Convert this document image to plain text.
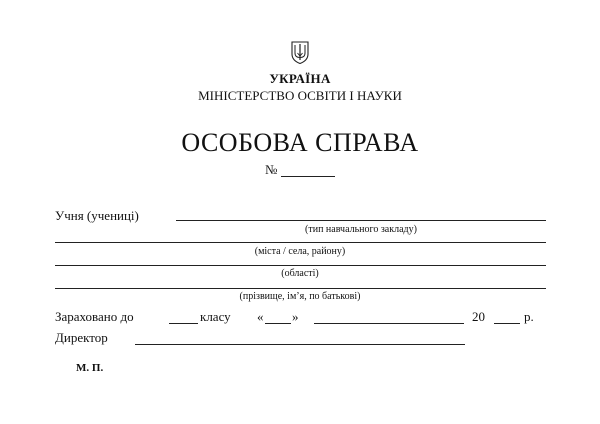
УКРАЇНА
МІНІСТЕРСТВО ОСВІТИ І НАУКИ
ОСОБОВА СПРАВА
№
Учня (учениці)
(тип навчального закладу)
(міста / села, району)
(області)
(прізвище, ім’я, по батькові)
Зараховано до	класу « »	20	р.
Директор
М. П.
